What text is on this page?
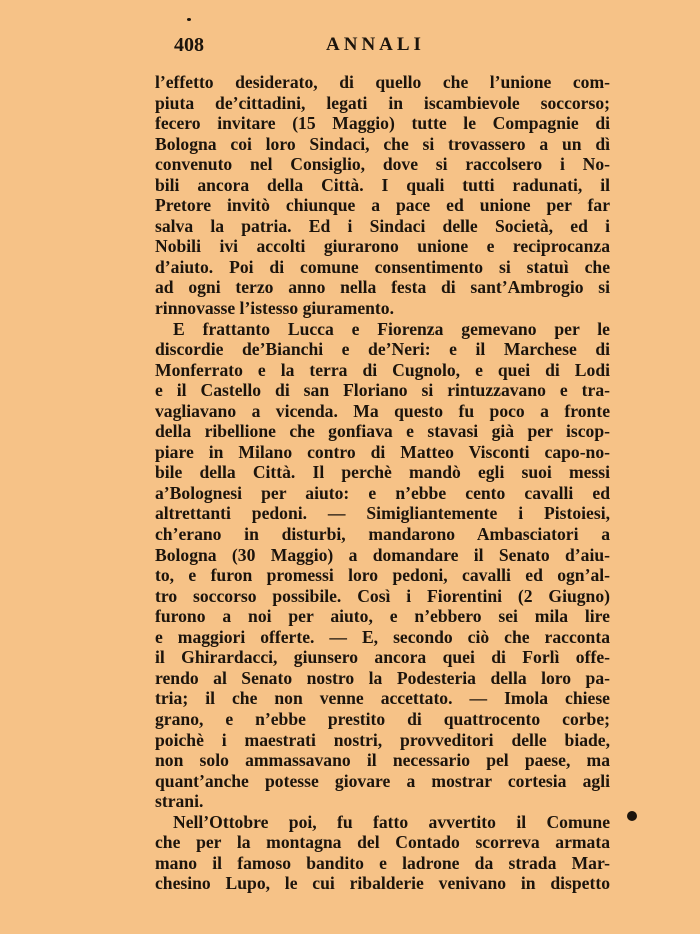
408	ANNALI
l’effetto desiderato, di quello che l’unione com-
piuta de’cittadini, legati in iscambievole soccorso;
fecero invitare (15 Maggio) tutte le Compagnie di
Bologna coi loro Sindaci, che si trovassero a un dì
convenuto nel Consiglio, dove si raccolsero i No-
bili ancora della Città. I quali tutti radunati, il
Pretore invitò chiunque a pace ed unione per far
salva la patria. Ed i Sindaci delle Società, ed i
Nobili ivi accolti giurarono unione e reciprocanza
d’aiuto. Poi di comune consentimento si statuì che
ad ogni terzo anno nella festa di sant’Ambrogio si
rinnovasse l’istesso giuramento.
E frattanto Lucca e Fiorenza gemevano per le
discordie de’Bianchi e de’Neri: e il Marchese di
Monferrato e la terra di Cugnolo, e quei di Lodi
e il Castello di san Floriano si rintuzzavano e tra-
vagliavano a vicenda. Ma questo fu poco a fronte
della ribellione che gonfiava e stavasi già per iscop-
piare in Milano contro di Matteo Visconti capo-no-
bile della Città. Il perchè mandò egli suoi messi
a’Bolognesi per aiuto: e n’ebbe cento cavalli ed
altrettanti pedoni. — Simigliantemente i Pistoiesi,
ch’erano in disturbi, mandarono Ambasciatori a
Bologna (30 Maggio) a domandare il Senato d’aiu-
to, e furon promessi loro pedoni, cavalli ed ogn’al-
tro soccorso possibile. Così i Fiorentini (2 Giugno)
furono a noi per aiuto, e n’ebbero sei mila lire
e maggiori offerte. — E, secondo ciò che racconta
il Ghirardacci, giunsero ancora quei di Forlì offe-
rendo al Senato nostro la Podesteria della loro pa-
tria; il che non venne accettato. — Imola chiese
grano, e n’ebbe prestito di quattrocento corbe;
poichè i maestrati nostri, provveditori delle biade,
non solo ammassavano il necessario pel paese, ma
quant’anche potesse giovare a mostrar cortesia agli
strani.
Nell’Ottobre poi, fu fatto avvertito il Comune
che per la montagna del Contado scorreva armata
mano il famoso bandito e ladrone da strada Mar-
chesino Lupo, le cui ribalderie venivano in dispetto
